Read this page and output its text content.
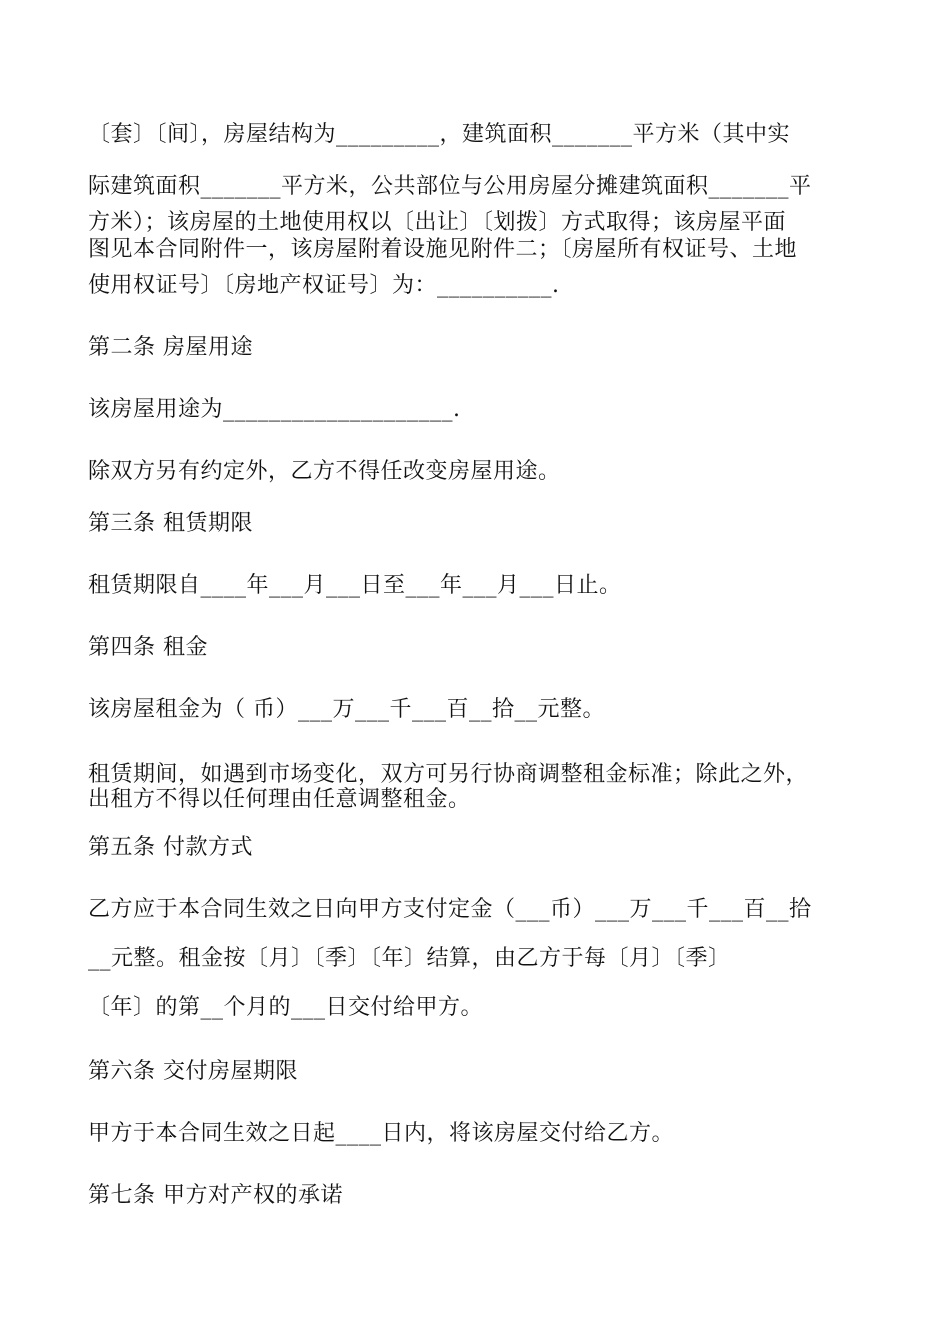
〔套〕〔间〕，房屋结构为_________，建筑面积_______平方米（其中实

际建筑面积_______平方米，公共部位与公用房屋分摊建筑面积_______平

方米）；该房屋的土地使用权以〔出让〕〔划拨〕方式取得；该房屋平面

图见本合同附件一，该房屋附着设施见附件二；〔房屋所有权证号、土地

使用权证号〕〔房地产权证号〕为：__________.

第二条 房屋用途

该房屋用途为____________________.

除双方另有约定外，乙方不得任改变房屋用途。

第三条 租赁期限

租赁期限自____年___月___日至___年___月___日止。

第四条 租金

该房屋租金为（ 币）___万___千___百__拾__元整。

租赁期间，如遇到市场变化，双方可另行协商调整租金标准；除此之外，

出租方不得以任何理由任意调整租金。

第五条 付款方式

乙方应于本合同生效之日向甲方支付定金（___币）___万___千___百__拾

__元整。租金按〔月〕〔季〕〔年〕结算，由乙方于每〔月〕〔季〕

〔年〕的第__个月的___日交付给甲方。

第六条 交付房屋期限

甲方于本合同生效之日起____日内，将该房屋交付给乙方。

第七条 甲方对产权的承诺
